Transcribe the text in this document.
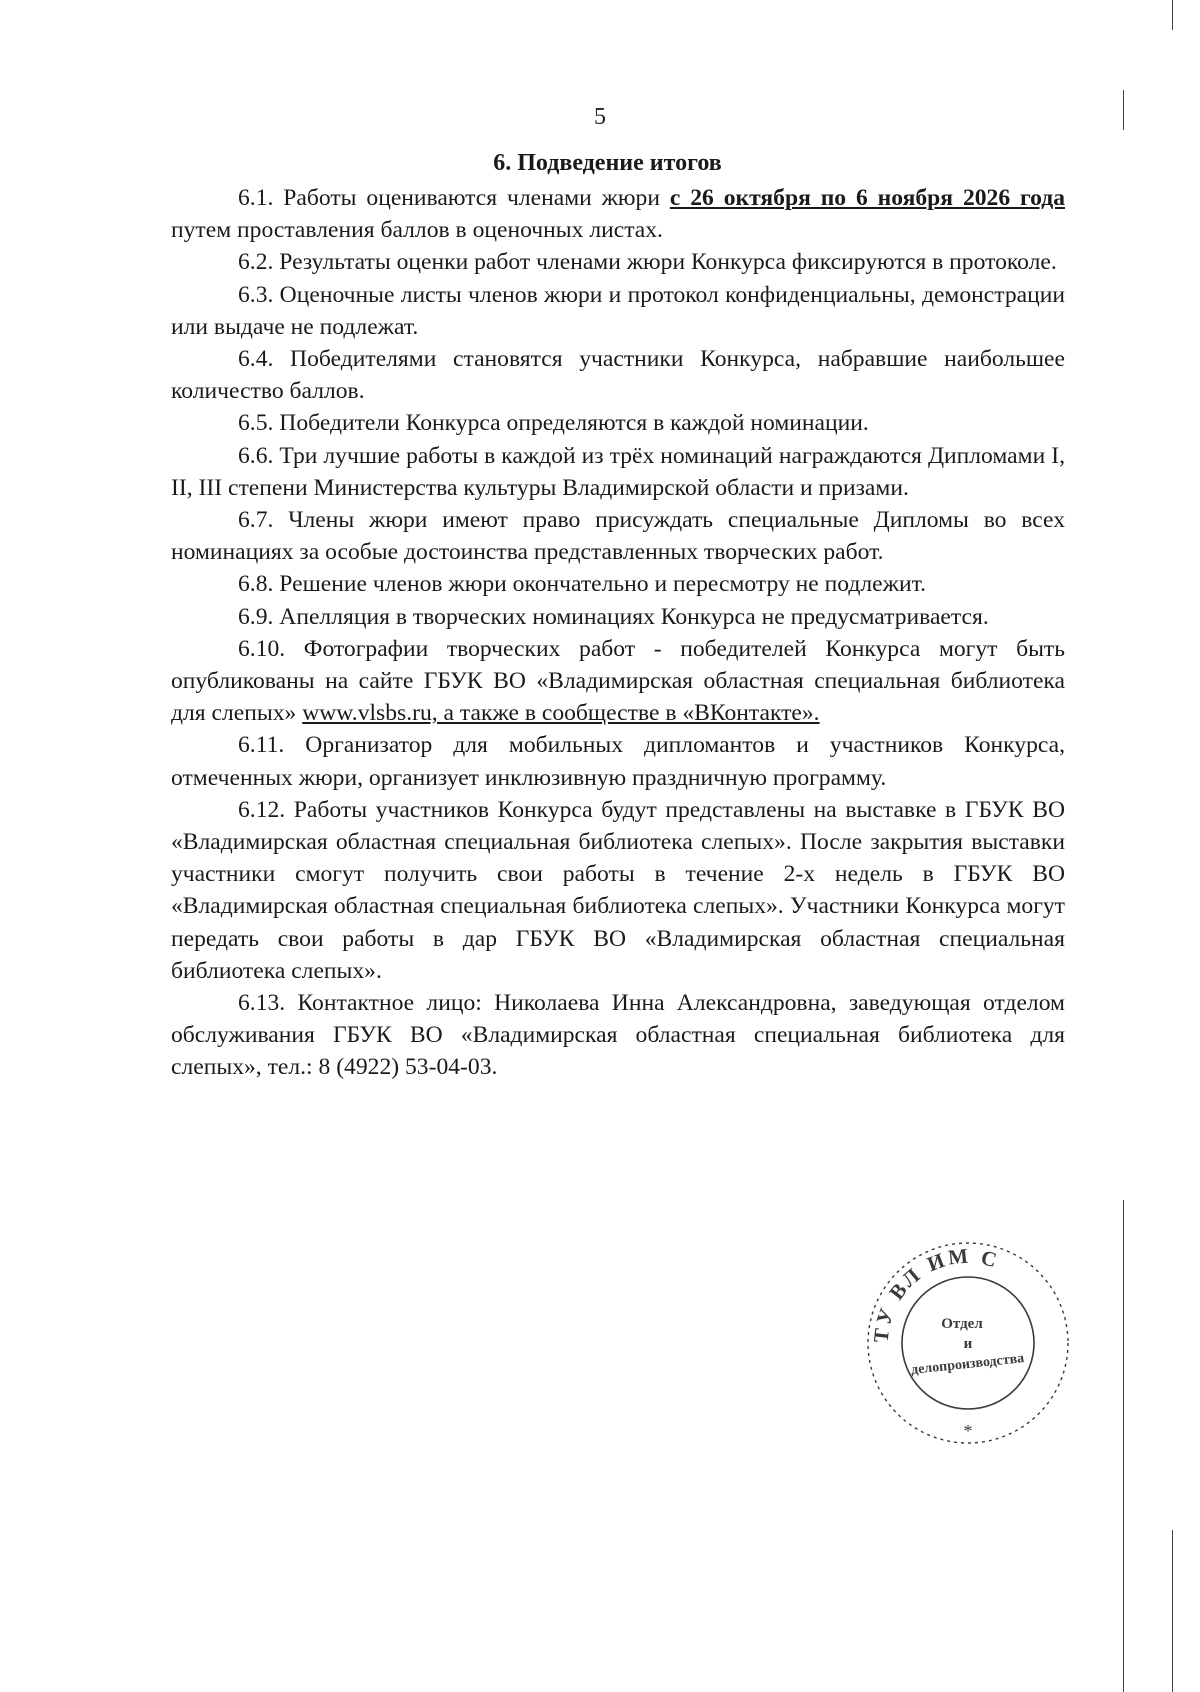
5
6. Подведение итогов

6.1. Работы оцениваются членами жюри с 26 октября по 6 ноября 2026 года путем проставления баллов в оценочных листах.

6.2. Результаты оценки работ членами жюри Конкурса фиксируются в протоколе.

6.3. Оценочные листы членов жюри и протокол конфиденциальны, демонстрации или выдаче не подлежат.

6.4. Победителями становятся участники Конкурса, набравшие наибольшее количество баллов.

6.5. Победители Конкурса определяются в каждой номинации.

6.6. Три лучшие работы в каждой из трёх номинаций награждаются Дипломами I, II, III степени Министерства культуры Владимирской области и призами.

6.7. Члены жюри имеют право присуждать специальные Дипломы во всех номинациях за особые достоинства представленных творческих работ.

6.8. Решение членов жюри окончательно и пересмотру не подлежит.

6.9. Апелляция в творческих номинациях Конкурса не предусматривается.

6.10. Фотографии творческих работ - победителей Конкурса могут быть опубликованы на сайте ГБУК ВО «Владимирская областная специальная библиотека для слепых» www.vlsbs.ru, а также в сообществе в «ВКонтакте».

6.11. Организатор для мобильных дипломантов и участников Конкурса, отмеченных жюри, организует инклюзивную праздничную программу.

6.12. Работы участников Конкурса будут представлены на выставке в ГБУК ВО «Владимирская областная специальная библиотека слепых». После закрытия выставки участники смогут получить свои работы в течение 2-х недель в ГБУК ВО «Владимирская областная специальная библиотека слепых». Участники Конкурса могут передать свои работы в дар ГБУК ВО «Владимирская областная специальная библиотека слепых».

6.13. Контактное лицо: Николаева Инна Александровна, заведующая отделом обслуживания ГБУК ВО «Владимирская областная специальная библиотека для слепых», тел.: 8 (4922) 53-04-03.

ТУ ВЛ ИМ С
Отдел
и
делопроизводства
*
